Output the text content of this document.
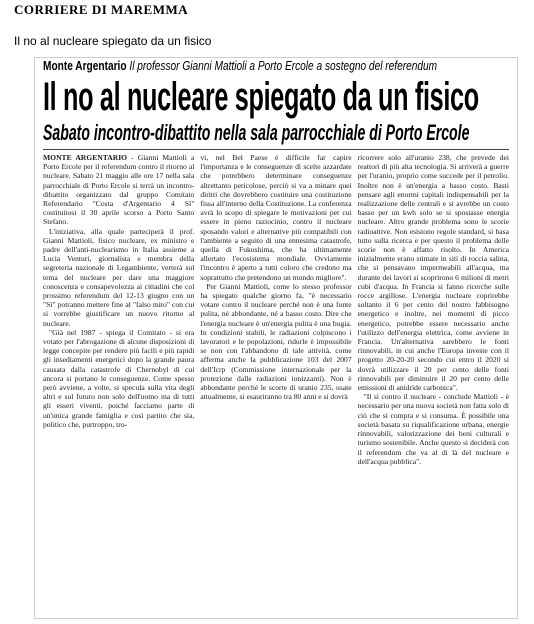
CORRIERE DI MAREMMA
Il no al nucleare spiegato da un fisico
Monte Argentario Il professor Gianni Mattioli a Porto Ercole a sostegno del referendum
Il no al nucleare spiegato da un fisico
Sabato incontro-dibattito nella sala parrocchiale di Porto Ercole

MONTE ARGENTARIO - Gianni Mattioli a Porto Ercole per il referendum contro il ritorno al nucleare. Sabato 21 maggio alle ore 17 nella sala parrocchiale di Porto Ercole si terrà un incontro-dibattito organizzato dal gruppo Comitato Referendario "Costa d'Argentario 4 Sì" costituitosi il 30 aprile scorso a Porto Santo Stefano.

L'iniziativa, alla quale parteciperà il prof. Gianni Mattioli, fisico nucleare, ex ministro e padre dell'anti-nuclearismo in Italia assieme a Lucia Venturi, giornalista e membra della segreteria nazionale di Legambiente, verterà sul tema del nucleare per dare una maggiore conoscenza e consapevolezza ai cittadini che col prossimo referendum del 12-13 giugno con un "Sì" potranno mettere fine al "falso mito" con cui si vorrebbe giustificare un nuovo ritorno al nucleare.

"Già nel 1987 - spiega il Comitato - si era votato per l'abrogazione di alcune disposizioni di legge concepite per rendere più facili e più rapidi gli insediamenti energetici dopo la grande paura causata dalla catastrofe di Chernobyl di cui ancora si portano le conseguenze. Come spesso però avviene, a volte, si specula sulla vita degli altri e sul futuro non solo dell'uomo ma di tutti gli esseri viventi, poiché facciamo parte di un'unica grande famiglia e così partito che sia, politico che, purtroppo, tro-

vi, nel Bel Paese è difficile far capire l'importanza e le conseguenze di scelte azzardate che potrebbero determinare conseguenze altrettanto pericolose, perciò si va a minare quei diritti che dovrebbero costituire una costituzione fissa all'interno della Costituzione. La conferenza avrà lo scopo di spiegare le motivazioni per cui essere in pieno raziocinio, contro il nucleare sposando valori e alternative più compatibili con l'ambiente a seguito di una ennesima catastrofe, quella di Fukushima, che ha ultimamente allertato l'ecosistema mondiale. Ovviamente l'incontro è aperto a tutti coloro che credono ma soprattutto che pretendono un mondo migliore".

Per Gianni Mattioli, come lo stesso professor ha spiegato qualche giorno fa, "è necessario votare contro il nucleare perché non è una fonte pulita, né abbondante, né a basso costo. Dire che l'energia nucleare è un'energia pulita è una bugia. In condizioni stabili, le radiazioni colpiscono i lavoratori e le popolazioni, ridurle è impossibile se non con l'abbandono di tale attività, come afferma anche la pubblicazione 103 del 2007 dell'Icrp (Commissione internazionale per la protezione dalle radiazioni ionizzanti). Non è abbondante perché le scorte di uranio 235, usate attualmente, si esauriranno tra 80 anni e si dovrà

ricorrere solo all'uranio 238, che prevede dei reattori di più alta tecnologia. Si arriverà a guerre per l'uranio, proprio come succede per il petrolio. Inoltre non è un'energia a basso costo. Basti pensare agli enormi capitali indispensabili per la realizzazione delle centrali e si avrebbe un costo basso per un kwh solo se si spostasse energia nucleare. Altro grande problema sono le scorie radioattive. Non esistono regole standard, si basa tutto sulla ricerca e per questo il problema delle scorie non è affatto risolto. In America inizialmente erano stimate in siti di roccia salina, che si pensavano impermeabili all'acqua, ma durante dei lavori si scoprirono 6 milioni di metri cubi d'acqua. In Francia si fanno ricerche sulle rocce argillose. L'energia nucleare coprirebbe soltanto il 6 per cento del nostro fabbisogno energetico e inoltre, nei momenti di picco energetico, potrebbe essere necessario anche l'utilizzo dell'energia elettrica, come avviene in Francia. Un'alternativa sarebbero le fonti rinnovabili, in cui anche l'Europa investe con il progetto 20-20-20 secondo cui entro il 2020 si dovrà utilizzare il 20 per cento delle fonti rinnovabili per diminuire il 20 per cento delle emissioni di anidride carbonica".

"Il sì contro il nucleare - conclude Mattioli - è necessario per una nuova società non fatta solo di ciò che si compra e si consuma. È possibile una società basata su riqualificazione urbana, energie rinnovabili, valorizzazione dei beni culturali e turismo sostenibile. Anche questo si deciderà con il referendum che va al di là del nucleare e dell'acqua pubblica".
